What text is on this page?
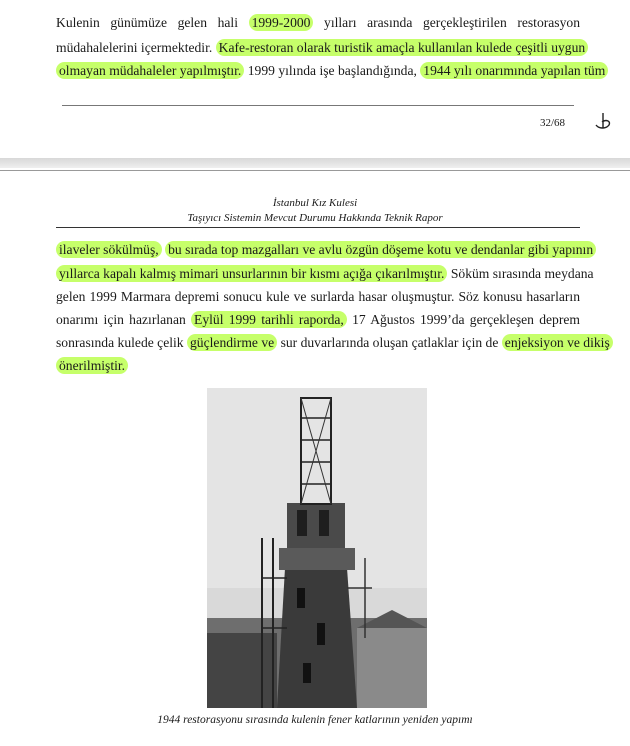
Kulenin günümüze gelen hali 1999-2000 yılları arasında gerçekleştirilen restorasyon
müdahalelerini içermektedir. Kafe-restoran olarak turistik amaçla kullanılan kulede çeşitli uygun
olmayan müdahaleler yapılmıştır. 1999 yılında işe başlandığında, 1944 yılı onarımında yapılan tüm
32/68
İstanbul Kız Kulesi
Taşıyıcı Sistemin Mevcut Durumu Hakkında Teknik Rapor
ilaveler sökülmüş, bu sırada top mazgalları ve avlu özgün döşeme kotu ve dendanlar gibi yapının
yıllarca kapalı kalmış mimari unsurlarının bir kısmı açığa çıkarılmıştır. Söküm sırasında meydana
gelen 1999 Marmara depremi sonucu kule ve surlarda hasar oluşmuştur. Söz konusu hasarların
onarımı için hazırlanan Eylül 1999 tarihli raporda, 17 Ağustos 1999’da gerçekleşen deprem
sonrasında kulede çelik güçlendirme ve sur duvarlarında oluşan çatlaklar için de enjeksiyon ve dikiş
önerilmiştir.
1944 restorasyonu sırasında kulenin fener katlarının yeniden yapımı
